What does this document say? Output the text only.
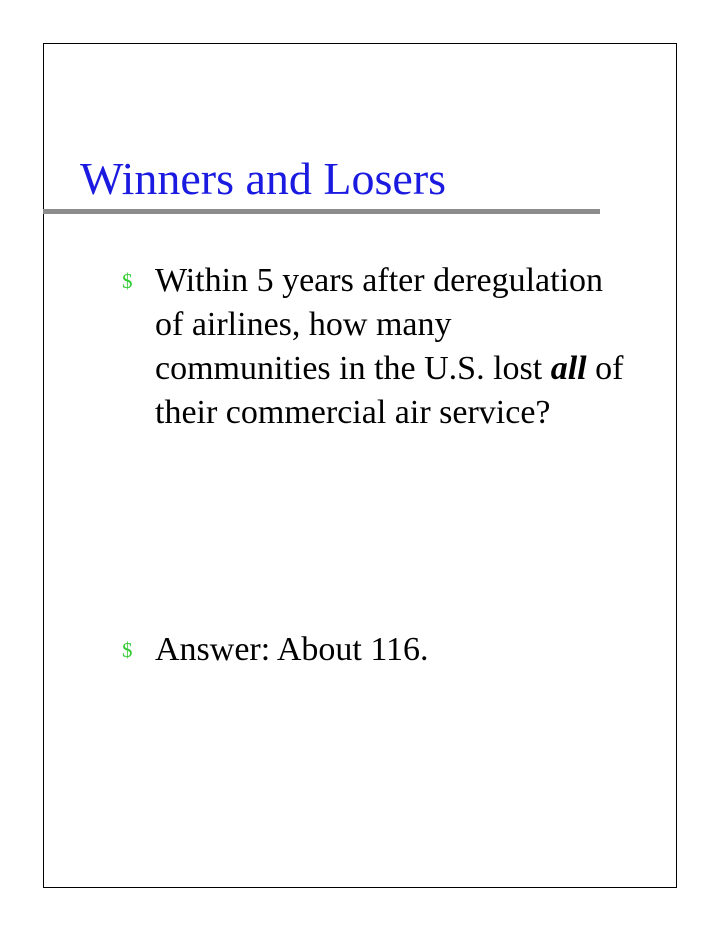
Winners and Losers
$ Within 5 years after deregulation of airlines, how many communities in the U.S. lost all of their commercial air service?

$ Answer: About 116.
